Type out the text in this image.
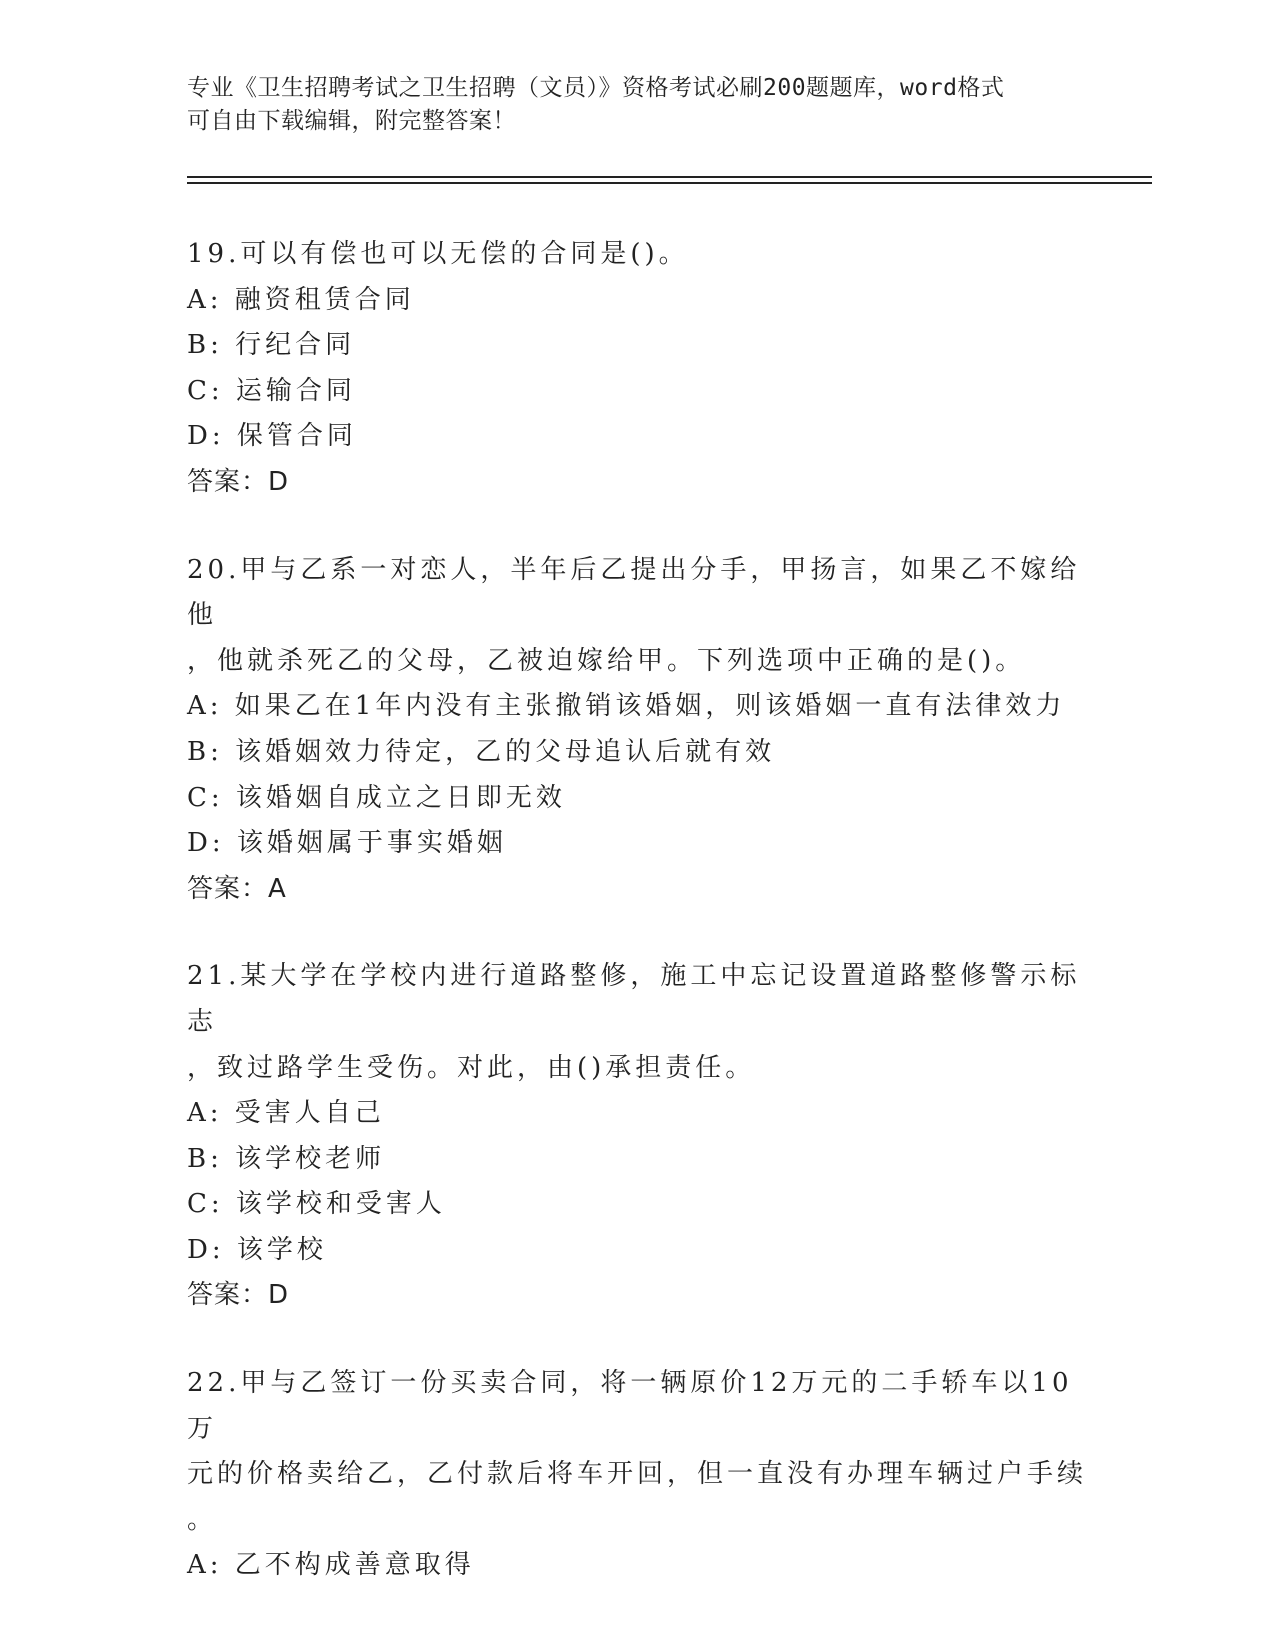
专业《卫生招聘考试之卫生招聘（文员）》资格考试必刷200题题库，word格式
可自由下载编辑，附完整答案！

19.可以有偿也可以无偿的合同是()。

A: 融资租赁合同

B: 行纪合同

C: 运输合同

D: 保管合同

答案：D

20.甲与乙系一对恋人，半年后乙提出分手，甲扬言，如果乙不嫁给他

，他就杀死乙的父母，乙被迫嫁给甲。下列选项中正确的是()。

A: 如果乙在1年内没有主张撤销该婚姻，则该婚姻一直有法律效力

B: 该婚姻效力待定，乙的父母追认后就有效

C: 该婚姻自成立之日即无效

D: 该婚姻属于事实婚姻

答案：A

21.某大学在学校内进行道路整修，施工中忘记设置道路整修警示标志

，致过路学生受伤。对此，由()承担责任。

A: 受害人自己

B: 该学校老师

C: 该学校和受害人

D: 该学校

答案：D

22.甲与乙签订一份买卖合同，将一辆原价12万元的二手轿车以10万

元的价格卖给乙，乙付款后将车开回，但一直没有办理车辆过户手续

。

A: 乙不构成善意取得
